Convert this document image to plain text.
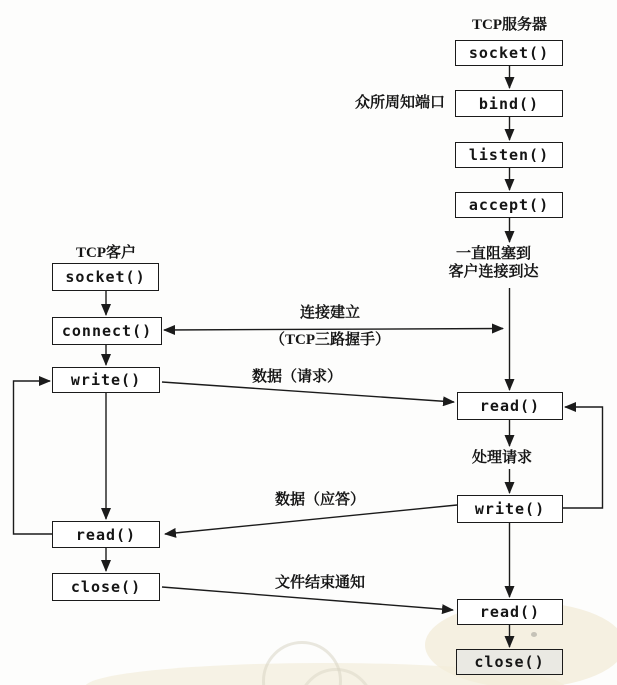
TCP服务器
TCP客户
socket()
bind()
listen()
accept()
read()
write()
read()
close()
socket()
connect()
write()
read()
close()
众所周知端口
一直阻塞到
客户连接到达
连接建立
（TCP三路握手）
数据（请求）
处理请求
数据（应答）
文件结束通知
